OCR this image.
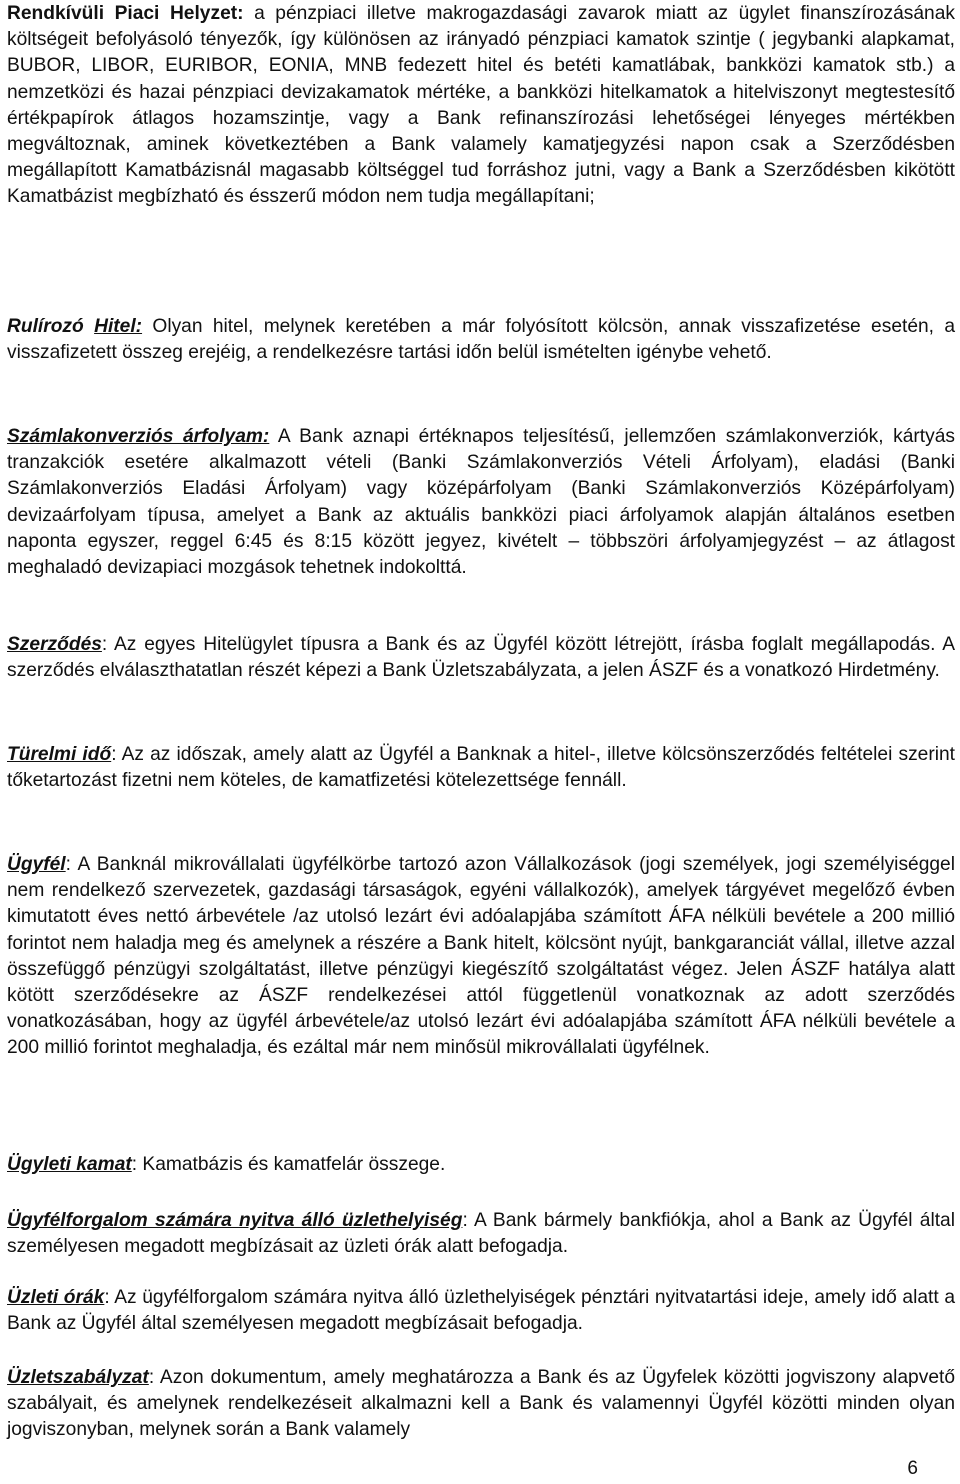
Rendkívüli Piaci Helyzet: a pénzpiaci illetve makrogazdasági zavarok miatt az ügylet finanszírozásának költségeit befolyásoló tényezők, így különösen az irányadó pénzpiaci kamatok szintje ( jegybanki alapkamat, BUBOR, LIBOR, EURIBOR, EONIA, MNB fedezett hitel és betéti kamatlábak, bankközi kamatok stb.) a nemzetközi és hazai pénzpiaci devizakamatok mértéke, a bankközi hitelkamatok a hitelviszonyt megtestesítő értékpapírok átlagos hozamszintje, vagy a Bank refinanszírozási lehetőségei lényeges mértékben megváltoznak, aminek következtében a Bank valamely kamatjegyzési napon csak a Szerződésben megállapított Kamatbázisnál magasabb költséggel tud forráshoz jutni, vagy a Bank a Szerződésben kikötött Kamatbázist megbízható és ésszerű módon nem tudja megállapítani;

Rulírozó Hitel: Olyan hitel, melynek keretében a már folyósított kölcsön, annak visszafizetése esetén, a visszafizetett összeg erejéig, a rendelkezésre tartási időn belül ismételten igénybe vehető.

Számlakonverziós árfolyam: A Bank aznapi értéknapos teljesítésű, jellemzően számlakonverziók, kártyás tranzakciók esetére alkalmazott vételi (Banki Számlakonverziós Vételi Árfolyam), eladási (Banki Számlakonverziós Eladási Árfolyam) vagy középárfolyam (Banki Számlakonverziós Középárfolyam) devizaárfolyam típusa, amelyet a Bank az aktuális bankközi piaci árfolyamok alapján általános esetben naponta egyszer, reggel 6:45 és 8:15 között jegyez, kivételt – többszöri árfolyamjegyzést – az átlagost meghaladó devizapiaci mozgások tehetnek indokolttá.

Szerződés: Az egyes Hitelügylet típusra a Bank és az Ügyfél között létrejött, írásba foglalt megállapodás. A szerződés elválaszthatatlan részét képezi a Bank Üzletszabályzata, a jelen ÁSZF és a vonatkozó Hirdetmény.

Türelmi idő: Az az időszak, amely alatt az Ügyfél a Banknak a hitel-, illetve kölcsönszerződés feltételei szerint tőketartozást fizetni nem köteles, de kamatfizetési kötelezettsége fennáll.

Ügyfél: A Banknál mikrovállalati ügyfélkörbe tartozó azon Vállalkozások (jogi személyek, jogi személyiséggel nem rendelkező szervezetek, gazdasági társaságok, egyéni vállalkozók), amelyek tárgyévet megelőző évben kimutatott éves nettó árbevétele /az utolsó lezárt évi adóalapjába számított ÁFA nélküli bevétele a 200 millió forintot nem haladja meg és amelynek a részére a Bank hitelt, kölcsönt nyújt, bankgaranciát vállal, illetve azzal összefüggő pénzügyi szolgáltatást, illetve pénzügyi kiegészítő szolgáltatást végez. Jelen ÁSZF hatálya alatt kötött szerződésekre az ÁSZF rendelkezései attól függetlenül vonatkoznak az adott szerződés vonatkozásában, hogy az ügyfél árbevétele/az utolsó lezárt évi adóalapjába számított ÁFA nélküli bevétele a 200 millió forintot meghaladja, és ezáltal már nem minősül mikrovállalati ügyfélnek.

Ügyleti kamat: Kamatbázis és kamatfelár összege.

Ügyfélforgalom számára nyitva álló üzlethelyiség: A Bank bármely bankfiókja, ahol a Bank az Ügyfél által személyesen megadott megbízásait az üzleti órák alatt befogadja.

Üzleti órák: Az ügyfélforgalom számára nyitva álló üzlethelyiségek pénztári nyitvatartási ideje, amely idő alatt a Bank az Ügyfél által személyesen megadott megbízásait befogadja.

Üzletszabályzat: Azon dokumentum, amely meghatározza a Bank és az Ügyfelek közötti jogviszony alapvető szabályait, és amelynek rendelkezéseit alkalmazni kell a Bank és valamennyi Ügyfél közötti minden olyan jogviszonyban, melynek során a Bank valamely

6
